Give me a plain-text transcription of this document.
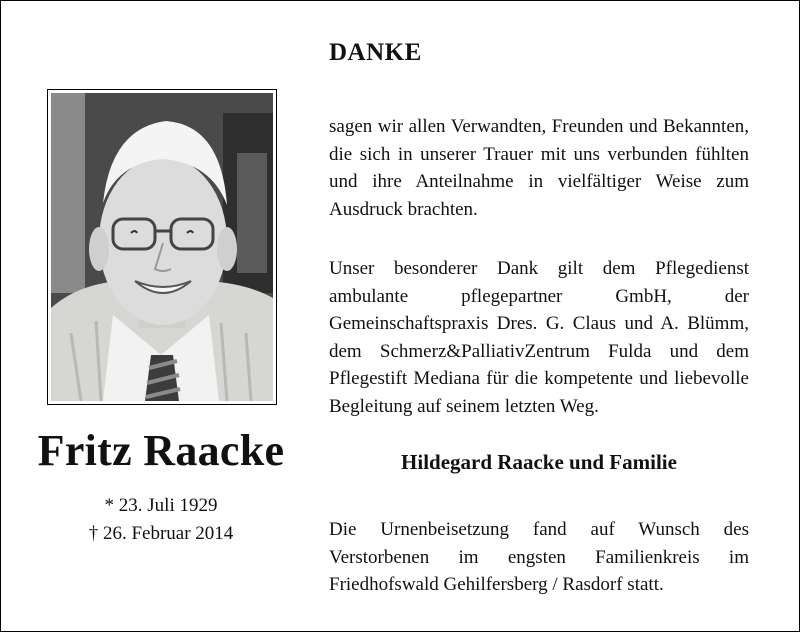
Fritz Raacke
* 23. Juli 1929
† 26. Februar 2014
DANKE

sagen wir allen Verwandten, Freunden und Bekannten, die sich in unserer Trauer mit uns verbunden fühlten und ihre Anteilnahme in vielfältiger Weise zum Ausdruck brachten.

Unser besonderer Dank gilt dem Pflegedienst ambulante pflegepartner GmbH, der Gemeinschaftspraxis Dres. G. Claus und A. Blümm, dem Schmerz&PalliativZentrum Fulda und dem Pflegestift Mediana für die kompetente und liebevolle Begleitung auf seinem letzten Weg.

Hildegard Raacke und Familie

Die Urnenbeisetzung fand auf Wunsch des Verstorbenen im engsten Familienkreis im Friedhofswald Gehilfersberg / Rasdorf statt.
